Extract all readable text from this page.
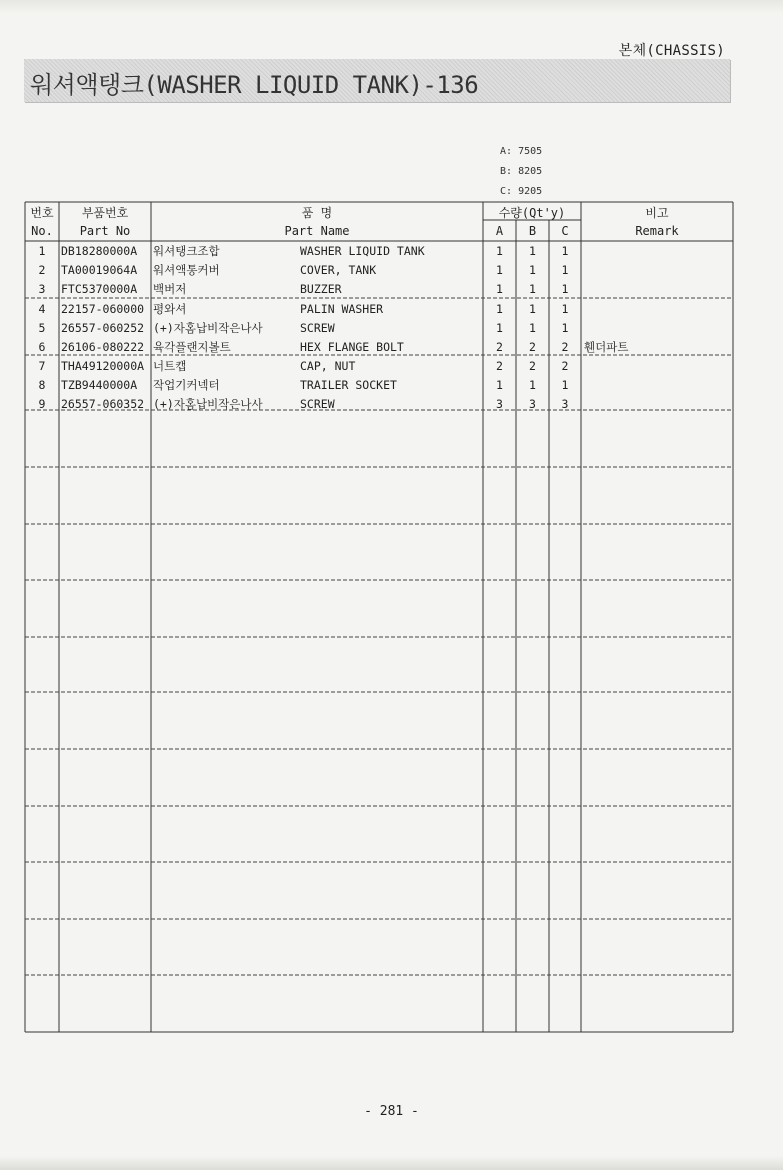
본체(CHASSIS)
워셔액탱크(WASHER LIQUID TANK)-136
A: 7505
B: 8205
C: 9205
번호
No.
부품번호
Part No
품 명
Part Name
수량(Qt'y)
A	B	C
비고
Remark
1	DB18280000A 워셔탱크조합	WASHER LIQUID TANK	1	1	1
2	TA00019064A 워셔액통커버	COVER, TANK	1	1	1
3	FTC5370000A 백버저	BUZZER	1	1	1
4	22157-060000 평와셔	PALIN WASHER	1	1	1
5	26557-060252 (+)자홈납비작은나사	SCREW	1	1	1
6	26106-080222 육각플랜지볼트	HEX FLANGE BOLT	2	2	2	휀더파트
7	THA49120000A 너트캡	CAP, NUT	2	2	2
8	TZB9440000A 작업기커넥터	TRAILER SOCKET	1	1	1
9	26557-060352 (+)자홈납비작은나사	SCREW	3	3	3
- 281 -
